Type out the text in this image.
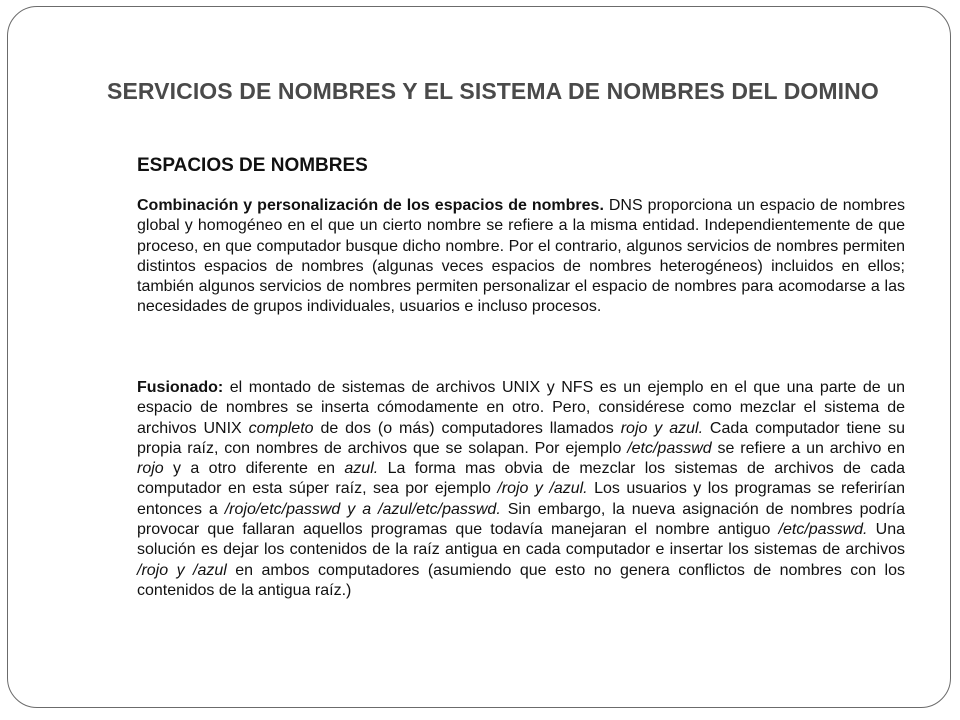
SERVICIOS DE NOMBRES Y EL SISTEMA DE NOMBRES DEL DOMINO
ESPACIOS DE NOMBRES
Combinación y personalización de los espacios de nombres. DNS proporciona un espacio de nombres global y homogéneo en el que un cierto nombre se refiere a la misma entidad. Independientemente de que proceso, en que computador busque dicho nombre. Por el contrario, algunos servicios de nombres permiten distintos espacios de nombres (algunas veces espacios de nombres heterogéneos) incluidos en ellos; también algunos servicios de nombres permiten personalizar el espacio de nombres para acomodarse a las necesidades de grupos individuales, usuarios e incluso procesos.
Fusionado: el montado de sistemas de archivos UNIX y NFS es un ejemplo en el que una parte de un espacio de nombres se inserta cómodamente en otro. Pero, considérese como mezclar el sistema de archivos UNIX completo de dos (o más) computadores llamados rojo y azul. Cada computador tiene su propia raíz, con nombres de archivos que se solapan. Por ejemplo /etc/passwd se refiere a un archivo en rojo y a otro diferente en azul. La forma mas obvia de mezclar los sistemas de archivos de cada computador en esta súper raíz, sea por ejemplo /rojo y /azul. Los usuarios y los programas se referirían entonces a /rojo/etc/passwd y a /azul/etc/passwd. Sin embargo, la nueva asignación de nombres podría provocar que fallaran aquellos programas que todavía manejaran el nombre antiguo /etc/passwd. Una solución es dejar los contenidos de la raíz antigua en cada computador e insertar los sistemas de archivos /rojo y /azul en ambos computadores (asumiendo que esto no genera conflictos de nombres con los contenidos de la antigua raíz.)
